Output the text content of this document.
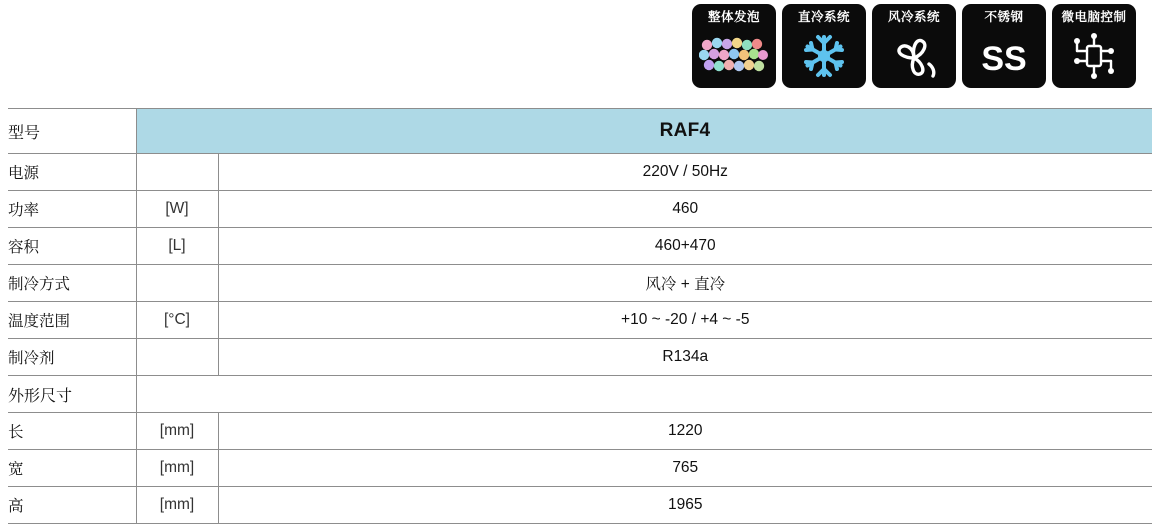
整体发泡	直冷系统	风冷系统	不锈钢
SS
微电脑控制
型号		RAF4
电源		220V / 50Hz
功率	[W]	460
容积	[L]	460+470
制冷方式		风冷 + 直冷
温度范围	[°C]	+10 ~ -20 / +4 ~ -5
制冷剂		R134a
外形尺寸		
长	[mm]	1220
宽	[mm]	765
高	[mm]	1965
